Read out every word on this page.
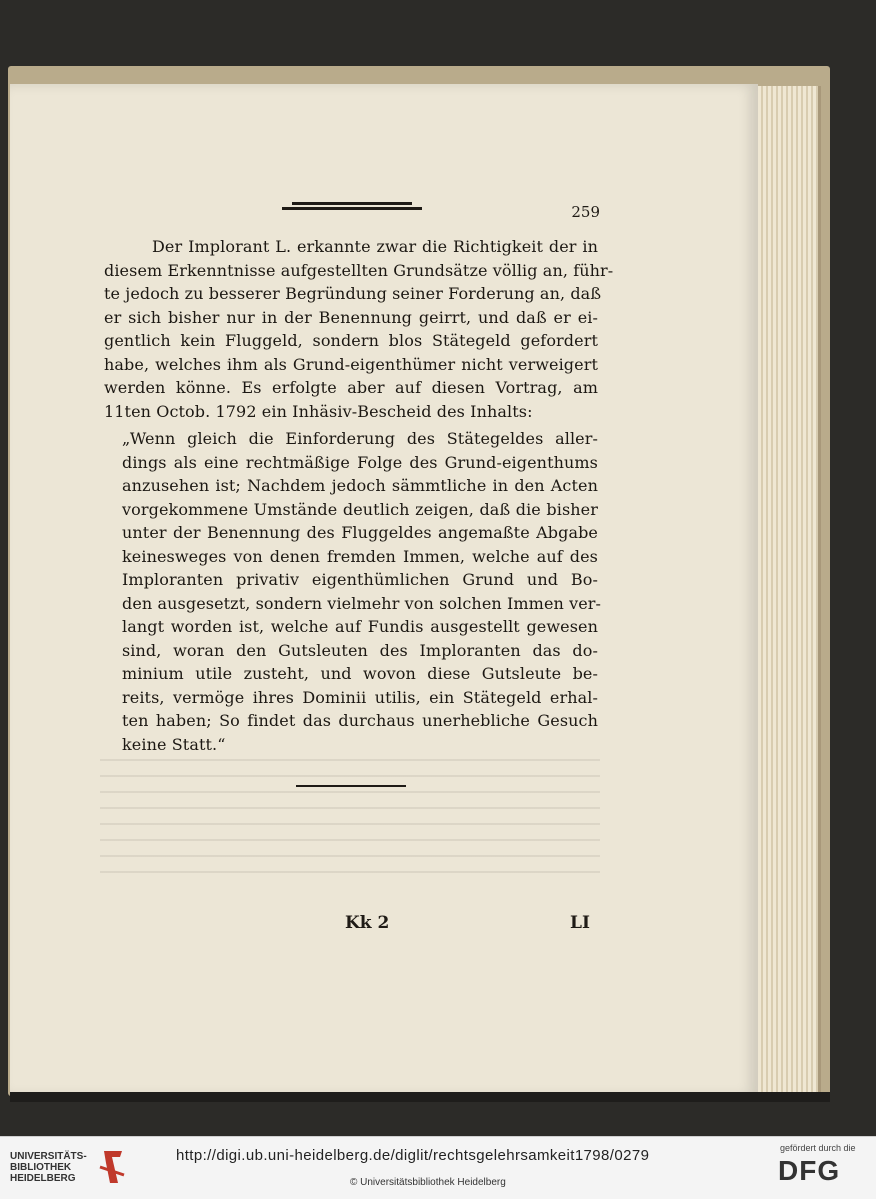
259
Der Implorant L. erkannte zwar die Richtigkeit der in
diesem Erkenntnisse aufgestellten Grundsätze völlig an, führ-
te jedoch zu besserer Begründung seiner Forderung an, daß
er sich bisher nur in der Benennung geirrt, und daß er ei-
gentlich kein Fluggeld, sondern blos Stätegeld gefordert
habe, welches ihm als Grund-eigenthümer nicht verweigert
werden könne. Es erfolgte aber auf diesen Vortrag, am
11ten Octob. 1792 ein Inhäsiv-Bescheid des Inhalts:
„Wenn gleich die Einforderung des Stätegeldes aller-
dings als eine rechtmäßige Folge des Grund-eigenthums
anzusehen ist; Nachdem jedoch sämmtliche in den Acten
vorgekommene Umstände deutlich zeigen, daß die bisher
unter der Benennung des Fluggeldes angemaßte Abgabe
keinesweges von denen fremden Immen, welche auf des
Imploranten privativ eigenthümlichen Grund und Bo-
den ausgesetzt, sondern vielmehr von solchen Immen ver-
langt worden ist, welche auf Fundis ausgestellt gewesen
sind, woran den Gutsleuten des Imploranten das do-
minium utile zusteht, und wovon diese Gutsleute be-
reits, vermöge ihres Dominii utilis, ein Stätegeld erhal-
ten haben; So findet das durchaus unerhebliche Gesuch
keine Statt.“
Kk 2	LI
UNIVERSITÄTS-
BIBLIOTHEK
HEIDELBERG
http://digi.ub.uni-heidelberg.de/diglit/rechtsgelehrsamkeit1798/0279
© Universitätsbibliothek Heidelberg
gefördert durch die
DFG
